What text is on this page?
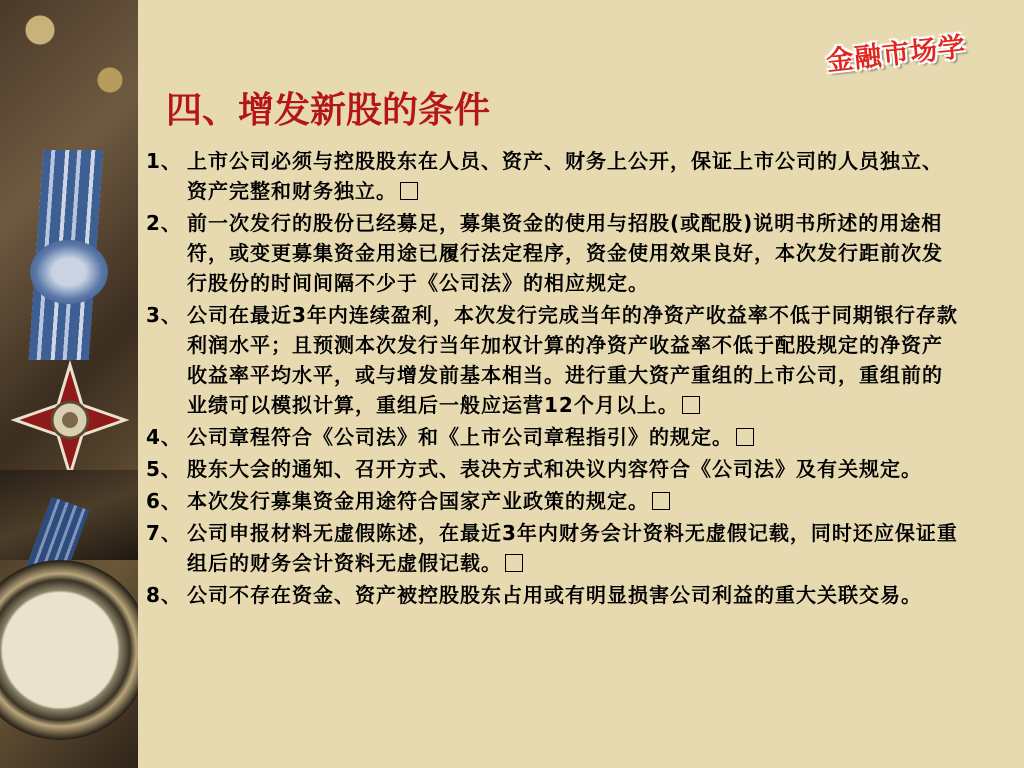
金融市场学
四、增发新股的条件
1、 上市公司必须与控股股东在人员、资产、财务上公开，保证上市公司的人员独立、资产完整和财务独立。
2、 前一次发行的股份已经募足，募集资金的使用与招股(或配股)说明书所述的用途相符，或变更募集资金用途已履行法定程序，资金使用效果良好，本次发行距前次发行股份的时间间隔不少于《公司法》的相应规定。
3、 公司在最近3年内连续盈利，本次发行完成当年的净资产收益率不低于同期银行存款利润水平；且预测本次发行当年加权计算的净资产收益率不低于配股规定的净资产收益率平均水平，或与增发前基本相当。进行重大资产重组的上市公司，重组前的业绩可以模拟计算，重组后一般应运营12个月以上。
4、 公司章程符合《公司法》和《上市公司章程指引》的规定。
5、 股东大会的通知、召开方式、表决方式和决议内容符合《公司法》及有关规定。
6、 本次发行募集资金用途符合国家产业政策的规定。
7、 公司申报材料无虚假陈述，在最近3年内财务会计资料无虚假记载，同时还应保证重组后的财务会计资料无虚假记载。
8、 公司不存在资金、资产被控股股东占用或有明显损害公司利益的重大关联交易。
